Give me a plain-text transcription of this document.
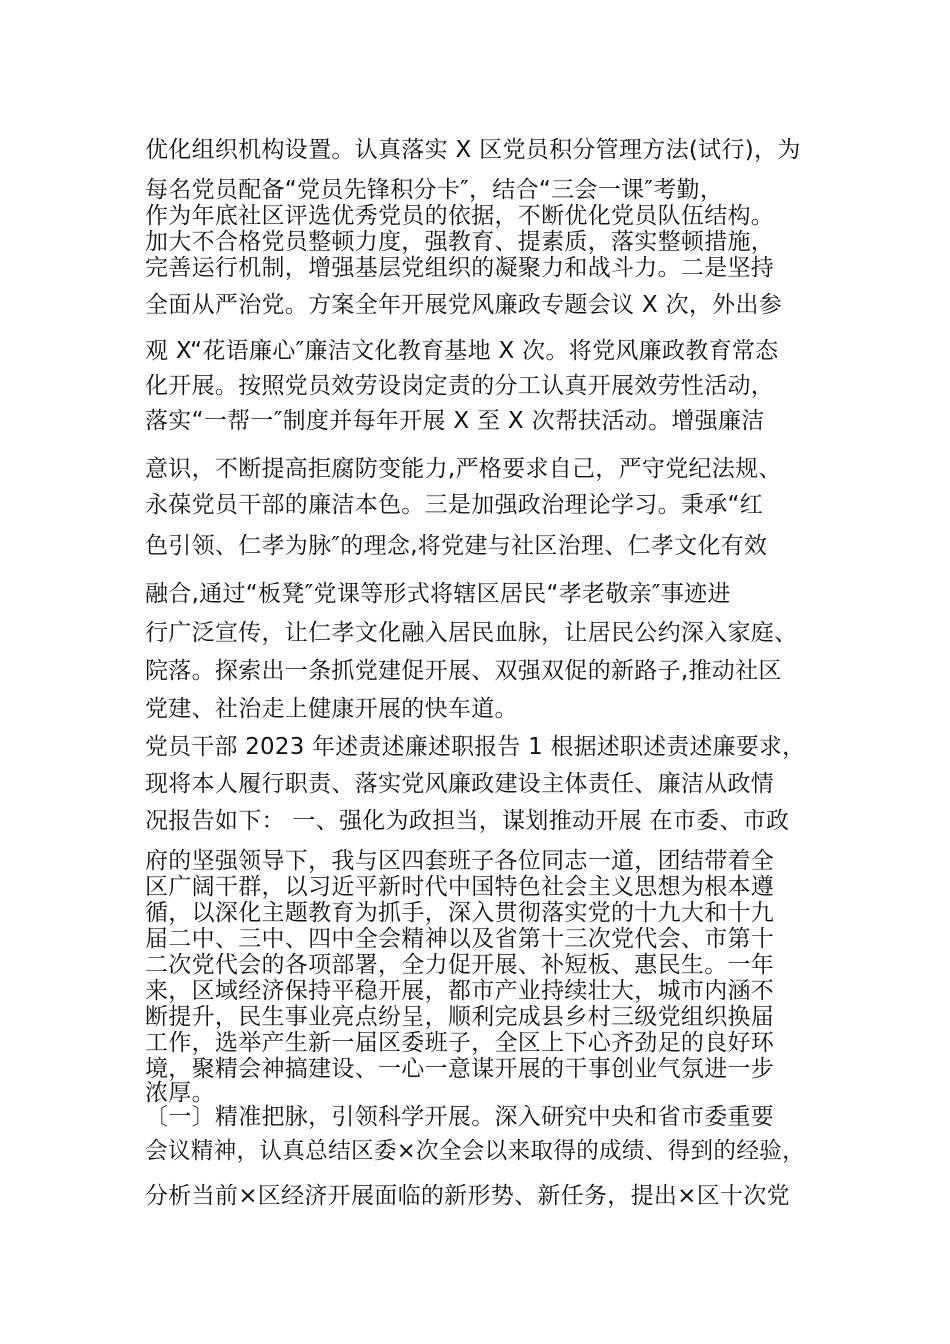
优化组织机构设置。认真落实 X 区党员积分管理方法(试行)，为
每名党员配备“党员先锋积分卡″，结合“三会一课″考勤，
作为年底社区评选优秀党员的依据，不断优化党员队伍结构。
加大不合格党员整顿力度，强教育、提素质，落实整顿措施，
完善运行机制，增强基层党组织的凝聚力和战斗力。二是坚持
全面从严治党。方案全年开展党风廉政专题会议 X 次，外出参
观 X“花语廉心″廉洁文化教育基地 X 次。将党风廉政教育常态
化开展。按照党员效劳设岗定责的分工认真开展效劳性活动，
落实“一帮一″制度并每年开展 X 至 X 次帮扶活动。增强廉洁
意识，不断提高拒腐防变能力,严格要求自己，严守党纪法规、
永葆党员干部的廉洁本色。三是加强政治理论学习。秉承“红
色引领、仁孝为脉″的理念,将党建与社区治理、仁孝文化有效
融合,通过“板凳″党课等形式将辖区居民“孝老敬亲″事迹进
行广泛宣传，让仁孝文化融入居民血脉，让居民公约深入家庭、
院落。探索出一条抓党建促开展、双强双促的新路子,推动社区
党建、社治走上健康开展的快车道。
党员干部 2023 年述责述廉述职报告 1 根据述职述责述廉要求，
现将本人履行职责、落实党风廉政建设主体责任、廉洁从政情
况报告如下： 一、强化为政担当，谋划推动开展 在市委、市政
府的坚强领导下，我与区四套班子各位同志一道，团结带着全
区广阔干群，以习近平新时代中国特色社会主义思想为根本遵
循，以深化主题教育为抓手，深入贯彻落实党的十九大和十九
届二中、三中、四中全会精神以及省第十三次党代会、市第十
二次党代会的各项部署，全力促开展、补短板、惠民生。一年
来，区域经济保持平稳开展，都市产业持续壮大，城市内涵不
断提升，民生事业亮点纷呈，顺利完成县乡村三级党组织换届
工作，选举产生新一届区委班子，全区上下心齐劲足的良好环
境，聚精会神搞建设、一心一意谋开展的干事创业气氛进一步
浓厚。
〔一〕精准把脉，引领科学开展。深入研究中央和省市委重要
会议精神，认真总结区委×次全会以来取得的成绩、得到的经验，
分析当前×区经济开展面临的新形势、新任务，提出×区十次党
